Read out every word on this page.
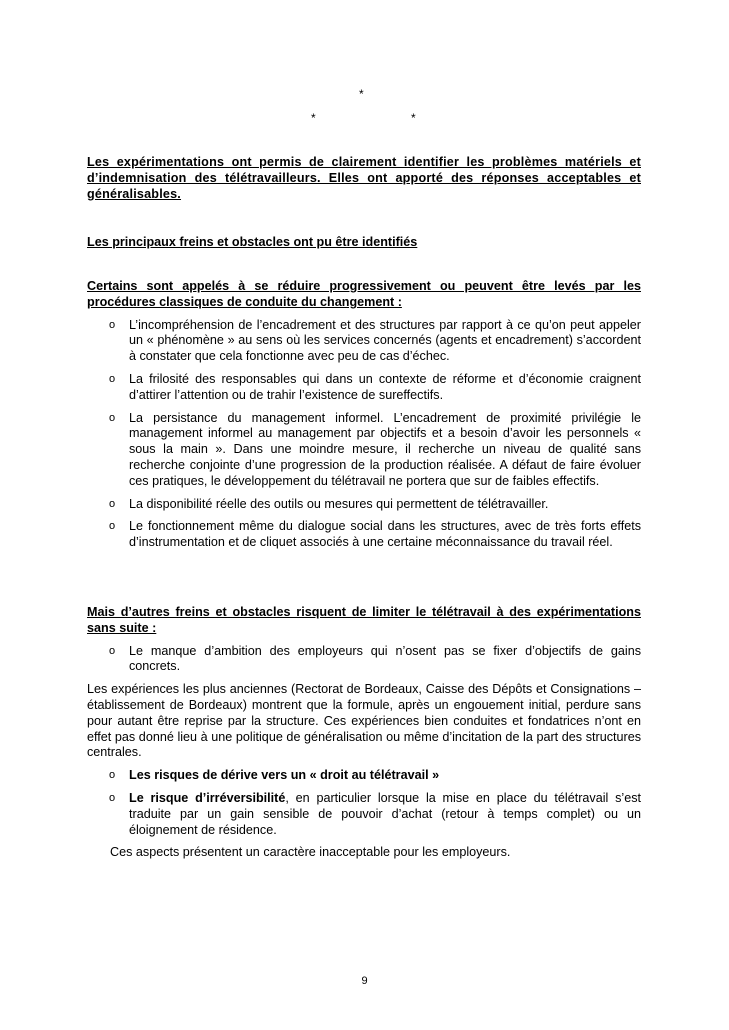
*
*	*
Les expérimentations ont permis de clairement identifier les problèmes matériels et d’indemnisation des télétravailleurs. Elles ont apporté des réponses acceptables et généralisables.
Les principaux freins et obstacles ont pu être identifiés
Certains sont appelés à se réduire progressivement ou peuvent être levés par les procédures classiques de conduite du changement :
o L’incompréhension de l’encadrement et des structures par rapport à ce qu’on peut appeler un « phénomène » au sens où les services concernés (agents et encadrement) s’accordent à constater que cela fonctionne avec peu de cas d’échec.
o La frilosité des responsables qui dans un contexte de réforme et d’économie craignent d’attirer l’attention ou de trahir l’existence de sureffectifs.
o La persistance du management informel. L’encadrement de proximité privilégie le management informel au management par objectifs et a besoin d’avoir les personnels « sous la main ». Dans une moindre mesure, il recherche un niveau de qualité sans recherche conjointe d’une progression de la production réalisée. A défaut de faire évoluer ces pratiques, le développement du télétravail ne portera que sur de faibles effectifs.
o La disponibilité réelle des outils ou mesures qui permettent de télétravailler.
o Le fonctionnement même du dialogue social dans les structures, avec de très forts effets d’instrumentation et de cliquet associés à une certaine méconnaissance du travail réel.
Mais d’autres freins et obstacles risquent de limiter le télétravail à des expérimentations sans suite :
o Le manque d’ambition des employeurs qui n’osent pas se fixer d’objectifs de gains concrets.

Les expériences les plus anciennes (Rectorat de Bordeaux, Caisse des Dépôts et Consignations –établissement de Bordeaux) montrent que la formule, après un engouement initial, perdure sans pour autant être reprise par la structure. Ces expériences bien conduites et fondatrices n’ont en effet pas donné lieu à une politique de généralisation ou même d’incitation de la part des structures centrales.

o Les risques de dérive vers un « droit au télétravail »
o Le risque d’irréversibilité, en particulier lorsque la mise en place du télétravail s’est traduite par un gain sensible de pouvoir d’achat (retour à temps complet) ou un éloignement de résidence.

Ces aspects présentent un caractère inacceptable pour les employeurs.

9
